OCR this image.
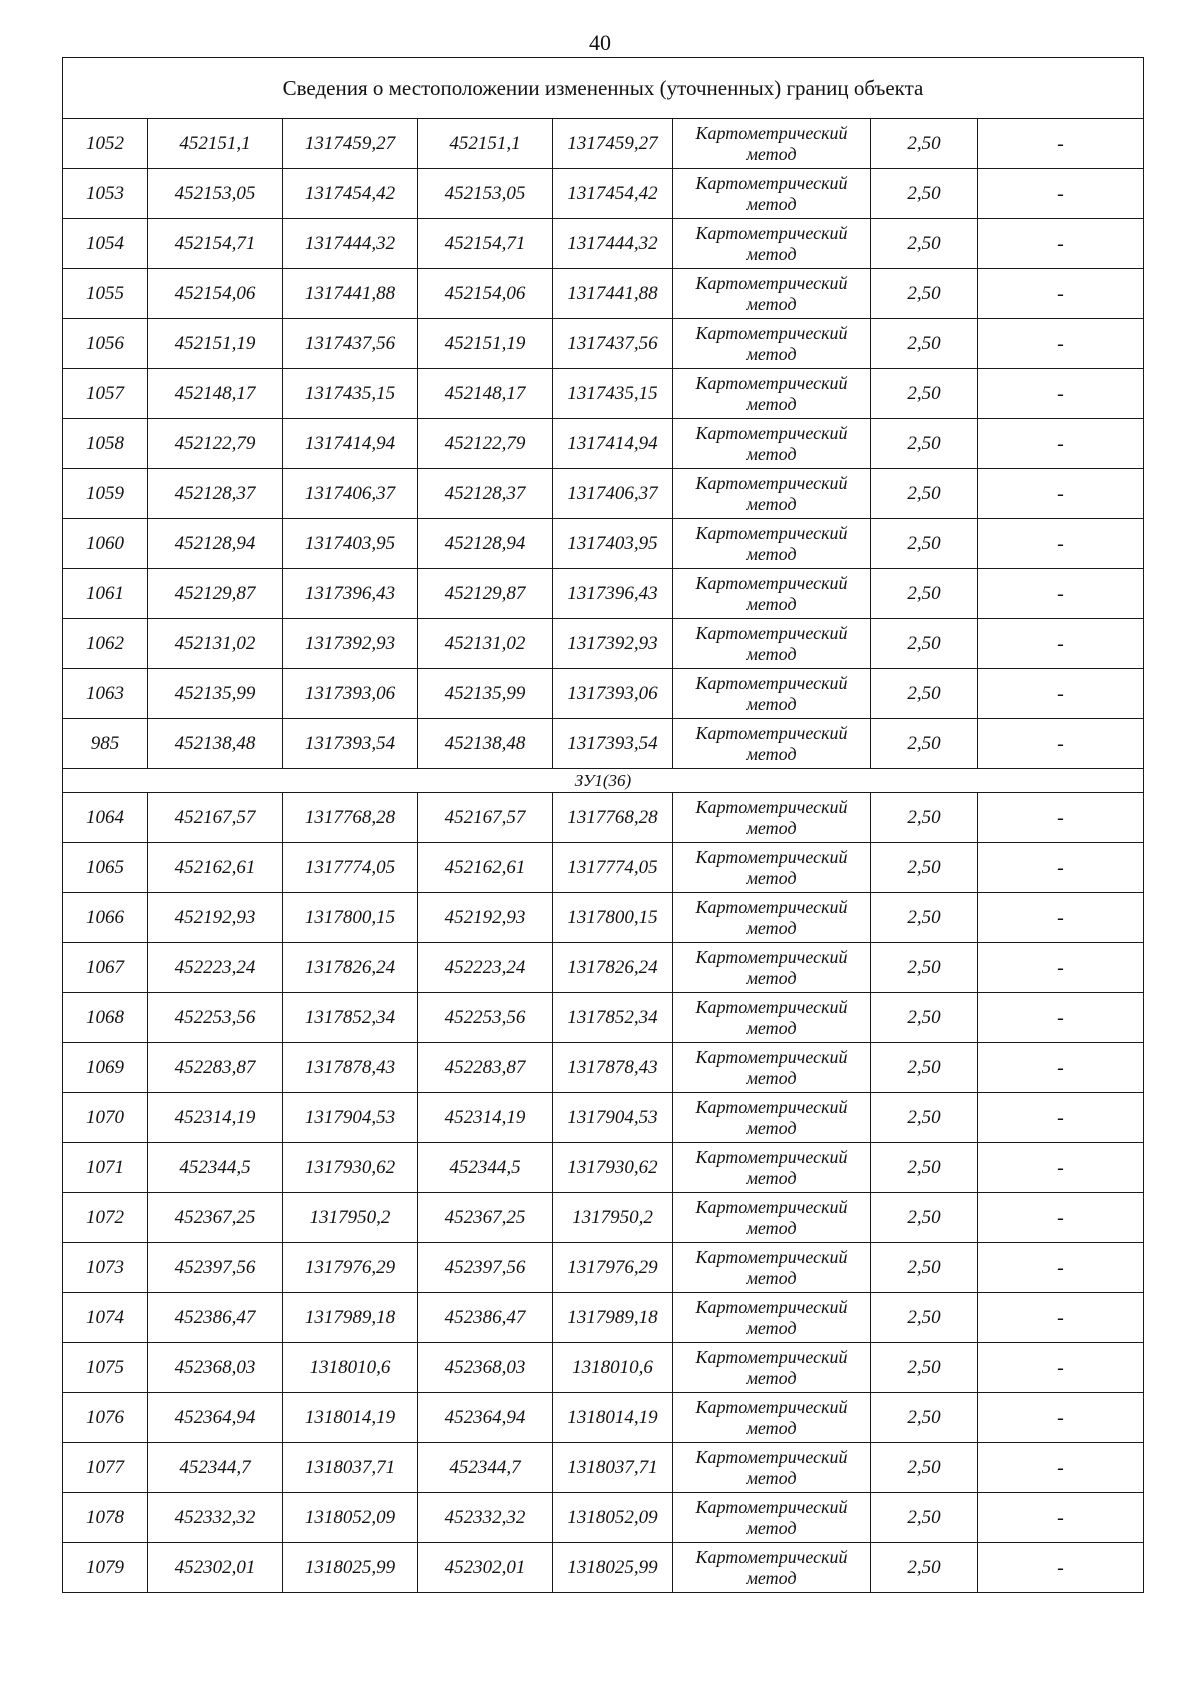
40
Сведения о местоположении измененных (уточненных) границ объекта							
1052	452151,1	1317459,27	452151,1	1317459,27	Картометрический метод	2,50	-
1053	452153,05	1317454,42	452153,05	1317454,42	Картометрический метод	2,50	-
1054	452154,71	1317444,32	452154,71	1317444,32	Картометрический метод	2,50	-
1055	452154,06	1317441,88	452154,06	1317441,88	Картометрический метод	2,50	-
1056	452151,19	1317437,56	452151,19	1317437,56	Картометрический метод	2,50	-
1057	452148,17	1317435,15	452148,17	1317435,15	Картометрический метод	2,50	-
1058	452122,79	1317414,94	452122,79	1317414,94	Картометрический метод	2,50	-
1059	452128,37	1317406,37	452128,37	1317406,37	Картометрический метод	2,50	-
1060	452128,94	1317403,95	452128,94	1317403,95	Картометрический метод	2,50	-
1061	452129,87	1317396,43	452129,87	1317396,43	Картометрический метод	2,50	-
1062	452131,02	1317392,93	452131,02	1317392,93	Картометрический метод	2,50	-
1063	452135,99	1317393,06	452135,99	1317393,06	Картометрический метод	2,50	-
985	452138,48	1317393,54	452138,48	1317393,54	Картометрический метод	2,50	-
ЗУ1(36)							
1064	452167,57	1317768,28	452167,57	1317768,28	Картометрический метод	2,50	-
1065	452162,61	1317774,05	452162,61	1317774,05	Картометрический метод	2,50	-
1066	452192,93	1317800,15	452192,93	1317800,15	Картометрический метод	2,50	-
1067	452223,24	1317826,24	452223,24	1317826,24	Картометрический метод	2,50	-
1068	452253,56	1317852,34	452253,56	1317852,34	Картометрический метод	2,50	-
1069	452283,87	1317878,43	452283,87	1317878,43	Картометрический метод	2,50	-
1070	452314,19	1317904,53	452314,19	1317904,53	Картометрический метод	2,50	-
1071	452344,5	1317930,62	452344,5	1317930,62	Картометрический метод	2,50	-
1072	452367,25	1317950,2	452367,25	1317950,2	Картометрический метод	2,50	-
1073	452397,56	1317976,29	452397,56	1317976,29	Картометрический метод	2,50	-
1074	452386,47	1317989,18	452386,47	1317989,18	Картометрический метод	2,50	-
1075	452368,03	1318010,6	452368,03	1318010,6	Картометрический метод	2,50	-
1076	452364,94	1318014,19	452364,94	1318014,19	Картометрический метод	2,50	-
1077	452344,7	1318037,71	452344,7	1318037,71	Картометрический метод	2,50	-
1078	452332,32	1318052,09	452332,32	1318052,09	Картометрический метод	2,50	-
1079	452302,01	1318025,99	452302,01	1318025,99	Картометрический метод	2,50	-
